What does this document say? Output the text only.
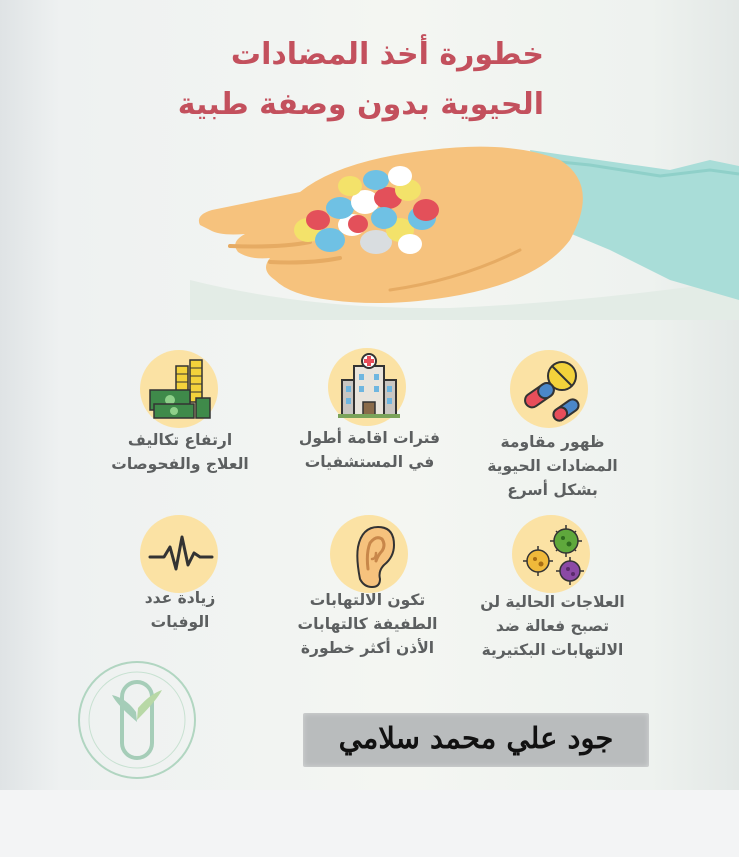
خطورة أخذ المضادات
الحيوية بدون وصفة طبية
ظهور مقاومة
المضادات الحيوية
بشكل أسرع
فترات اقامة أطول
في المستشفيات
ارتفاع تكاليف
العلاج والفحوصات
العلاجات الحالية لن
تصبح فعالة ضد
الالتهابات البكتيرية
تكون الالتهابات
الطفيفة كالتهابات
الأذن أكثر خطورة
زيادة عدد
الوفيات
جود علي محمد سلامي
